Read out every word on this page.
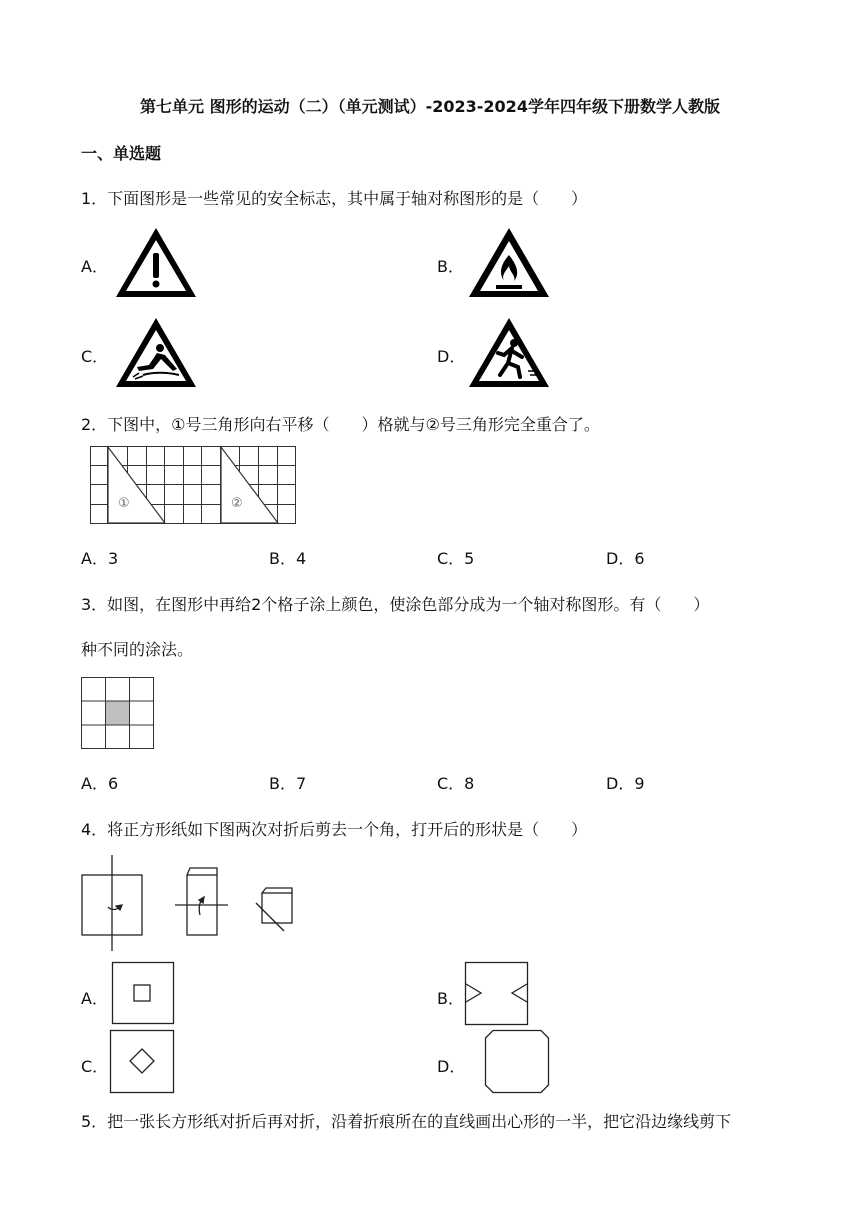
第七单元 图形的运动（二）（单元测试）-2023-2024学年四年级下册数学人教版
一、单选题
1．下面图形是一些常见的安全标志，其中属于轴对称图形的是（　　）
A．	B．
C．	D．
2．下图中，①号三角形向右平移（　　）格就与②号三角形完全重合了。
①	②
A．3	B．4	C．5	D．6
3．如图，在图形中再给2个格子涂上颜色，使涂色部分成为一个轴对称图形。有（　　）
种不同的涂法。
A．6	B．7	C．8	D．9
4．将正方形纸如下图两次对折后剪去一个角，打开后的形状是（　　）
A．	B．
C．	D．
5．把一张长方形纸对折后再对折，沿着折痕所在的直线画出心形的一半，把它沿边缘线剪下
